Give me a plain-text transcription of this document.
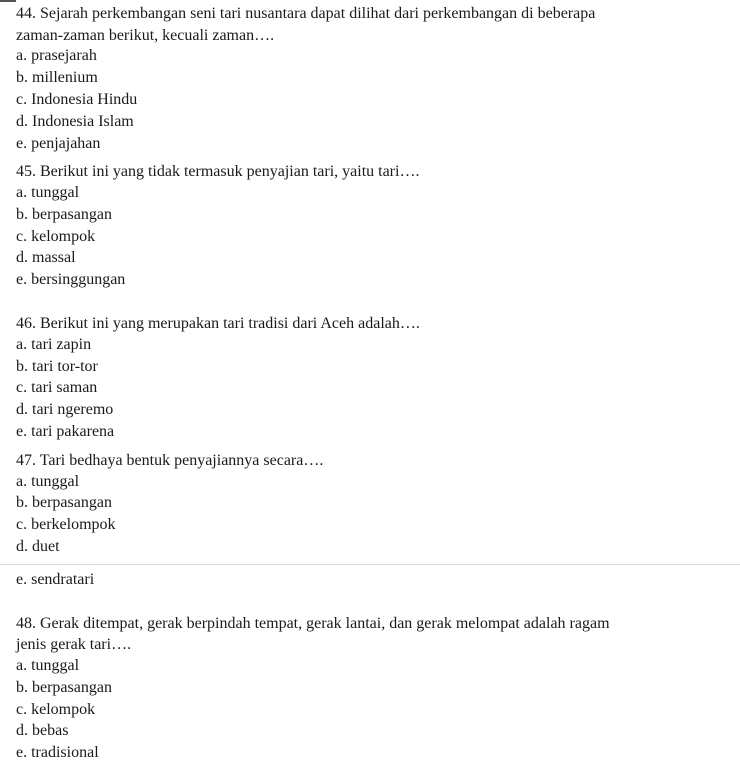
44. Sejarah perkembangan seni tari nusantara dapat dilihat dari perkembangan di beberapa
zaman-zaman berikut, kecuali zaman….
a. prasejarah
b. millenium
c. Indonesia Hindu
d. Indonesia Islam
e. penjajahan
45. Berikut ini yang tidak termasuk penyajian tari, yaitu tari….
a. tunggal
b. berpasangan
c. kelompok
d. massal
e. bersinggungan
46. Berikut ini yang merupakan tari tradisi dari Aceh adalah….
a. tari zapin
b. tari tor-tor
c. tari saman
d. tari ngeremo
e. tari pakarena
47. Tari bedhaya bentuk penyajiannya secara….
a. tunggal
b. berpasangan
c. berkelompok
d. duet
e. sendratari
48. Gerak ditempat, gerak berpindah tempat, gerak lantai, dan gerak melompat adalah ragam
jenis gerak tari….
a. tunggal
b. berpasangan
c. kelompok
d. bebas
e. tradisional
